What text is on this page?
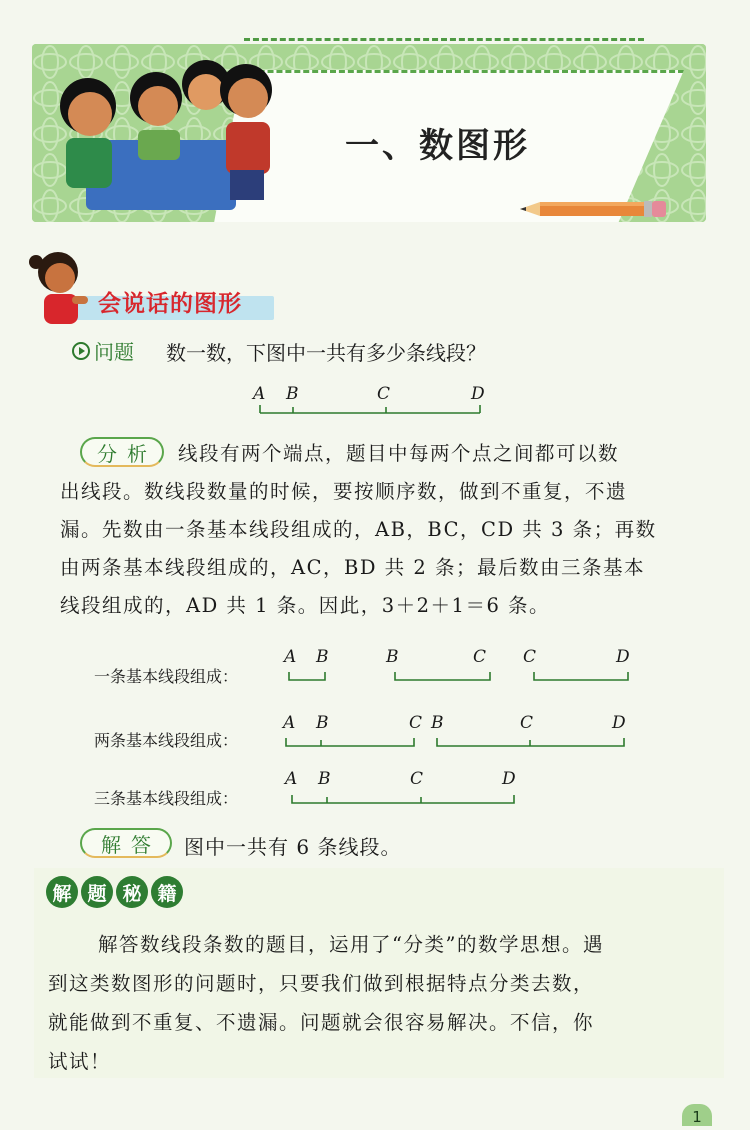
一、数图形
会说话的图形
问题 数一数，下图中一共有多少条线段？
A B	C	D
A B	B	C C	D
A B	C B	C	D
A B	C	D
分析	线段有两个端点，题目中每两个点之间都可以数
出线段。数线段数量的时候，要按顺序数，做到不重复，不遗
漏。先数由一条基本线段组成的，AB，BC，CD 共 3 条；再数
由两条基本线段组成的，AC，BD 共 2 条；最后数由三条基本
线段组成的，AD 共 1 条。因此，3＋2＋1＝6 条。
一条基本线段组成：
两条基本线段组成：
三条基本线段组成：
解答	图中一共有 6 条线段。
解 题 秘 籍
解答数线段条数的题目，运用了“分类”的数学思想。遇
到这类数图形的问题时，只要我们做到根据特点分类去数，
就能做到不重复、不遗漏。问题就会很容易解决。不信，你
试试！
1
